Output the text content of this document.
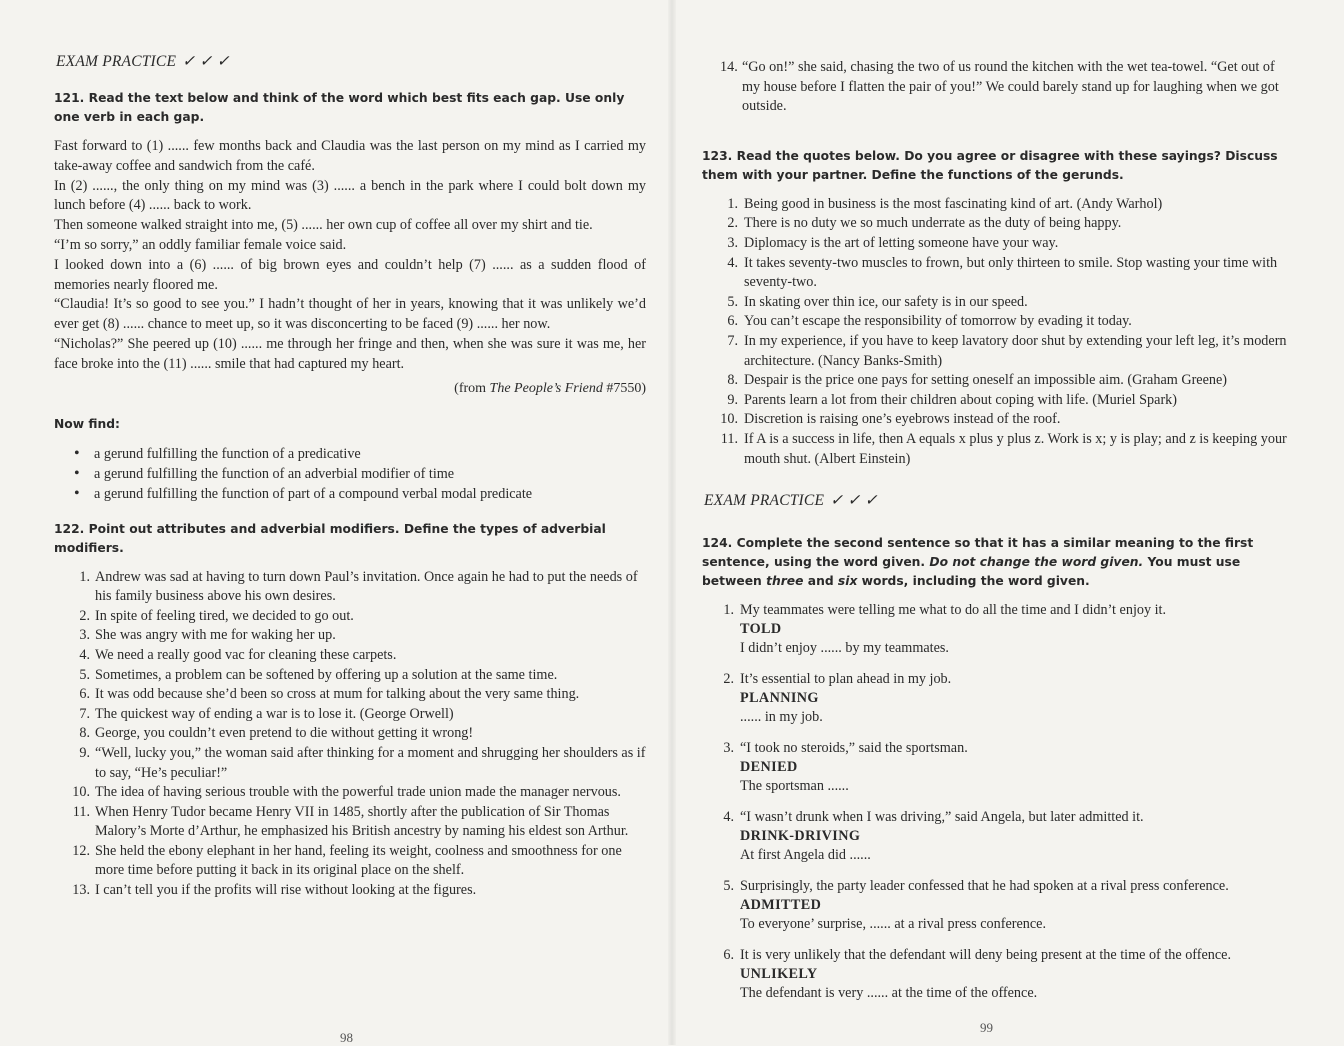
EXAM PRACTICE ✓ ✓ ✓

121. Read the text below and think of the word which best fits each gap. Use only one verb in each gap.

Fast forward to (1) ...... few months back and Claudia was the last person on my mind as I carried my take-away coffee and sandwich from the café.

In (2) ......, the only thing on my mind was (3) ...... a bench in the park where I could bolt down my lunch before (4) ...... back to work.

Then someone walked straight into me, (5) ...... her own cup of coffee all over my shirt and tie.

“I’m so sorry,” an oddly familiar female voice said.

I looked down into a (6) ...... of big brown eyes and couldn’t help (7) ...... as a sudden flood of memories nearly floored me.

“Claudia! It’s so good to see you.” I hadn’t thought of her in years, knowing that it was unlikely we’d ever get (8) ...... chance to meet up, so it was disconcerting to be faced (9) ...... her now.

“Nicholas?” She peered up (10) ...... me through her fringe and then, when she was sure it was me, her face broke into the (11) ...... smile that had captured my heart.

(from The People’s Friend #7550)

Now find:

• a gerund fulfilling the function of a predicative
• a gerund fulfilling the function of an adverbial modifier of time
• a gerund fulfilling the function of part of a compound verbal modal predicate

122. Point out attributes and adverbial modifiers. Define the types of adverbial modifiers.

1. Andrew was sad at having to turn down Paul’s invitation. Once again he had to put the needs of his family business above his own desires.
2. In spite of feeling tired, we decided to go out.
3. She was angry with me for waking her up.
4. We need a really good vac for cleaning these carpets.
5. Sometimes, a problem can be softened by offering up a solution at the same time.
6. It was odd because she’d been so cross at mum for talking about the very same thing.
7. The quickest way of ending a war is to lose it. (George Orwell)
8. George, you couldn’t even pretend to die without getting it wrong!
9. “Well, lucky you,” the woman said after thinking for a moment and shrugging her shoulders as if to say, “He’s peculiar!”
10. The idea of having serious trouble with the powerful trade union made the manager nervous.
11. When Henry Tudor became Henry VII in 1485, shortly after the publication of Sir Thomas Malory’s Morte d’Arthur, he emphasized his British ancestry by naming his eldest son Arthur.
12. She held the ebony elephant in her hand, feeling its weight, coolness and smoothness for one more time before putting it back in its original place on the shelf.
13. I can’t tell you if the profits will rise without looking at the figures.
98
14. “Go on!” she said, chasing the two of us round the kitchen with the wet tea-towel. “Get out of my house before I flatten the pair of you!” We could barely stand up for laughing when we got outside.

123. Read the quotes below. Do you agree or disagree with these sayings? Discuss them with your partner. Define the functions of the gerunds.

1. Being good in business is the most fascinating kind of art. (Andy Warhol)
2. There is no duty we so much underrate as the duty of being happy.
3. Diplomacy is the art of letting someone have your way.
4. It takes seventy-two muscles to frown, but only thirteen to smile. Stop wasting your time with seventy-two.
5. In skating over thin ice, our safety is in our speed.
6. You can’t escape the responsibility of tomorrow by evading it today.
7. In my experience, if you have to keep lavatory door shut by extending your left leg, it’s modern architecture. (Nancy Banks-Smith)
8. Despair is the price one pays for setting oneself an impossible aim. (Graham Greene)
9. Parents learn a lot from their children about coping with life. (Muriel Spark)
10. Discretion is raising one’s eyebrows instead of the roof.
11. If A is a success in life, then A equals x plus y plus z. Work is x; y is play; and z is keeping your mouth shut. (Albert Einstein)
EXAM PRACTICE ✓ ✓ ✓

124. Complete the second sentence so that it has a similar meaning to the first sentence, using the word given. Do not change the word given. You must use between three and six words, including the word given.

1. My teammates were telling me what to do all the time and I didn’t enjoy it.
TOLD
I didn’t enjoy ...... by my teammates.
2. It’s essential to plan ahead in my job.
PLANNING
...... in my job.
3. “I took no steroids,” said the sportsman.
DENIED
The sportsman ......
4. “I wasn’t drunk when I was driving,” said Angela, but later admitted it.
DRINK-DRIVING
At first Angela did ......
5. Surprisingly, the party leader confessed that he had spoken at a rival press conference.
ADMITTED
To everyone’ surprise, ...... at a rival press conference.
6. It is very unlikely that the defendant will deny being present at the time of the offence.
UNLIKELY
The defendant is very ...... at the time of the offence.
99
